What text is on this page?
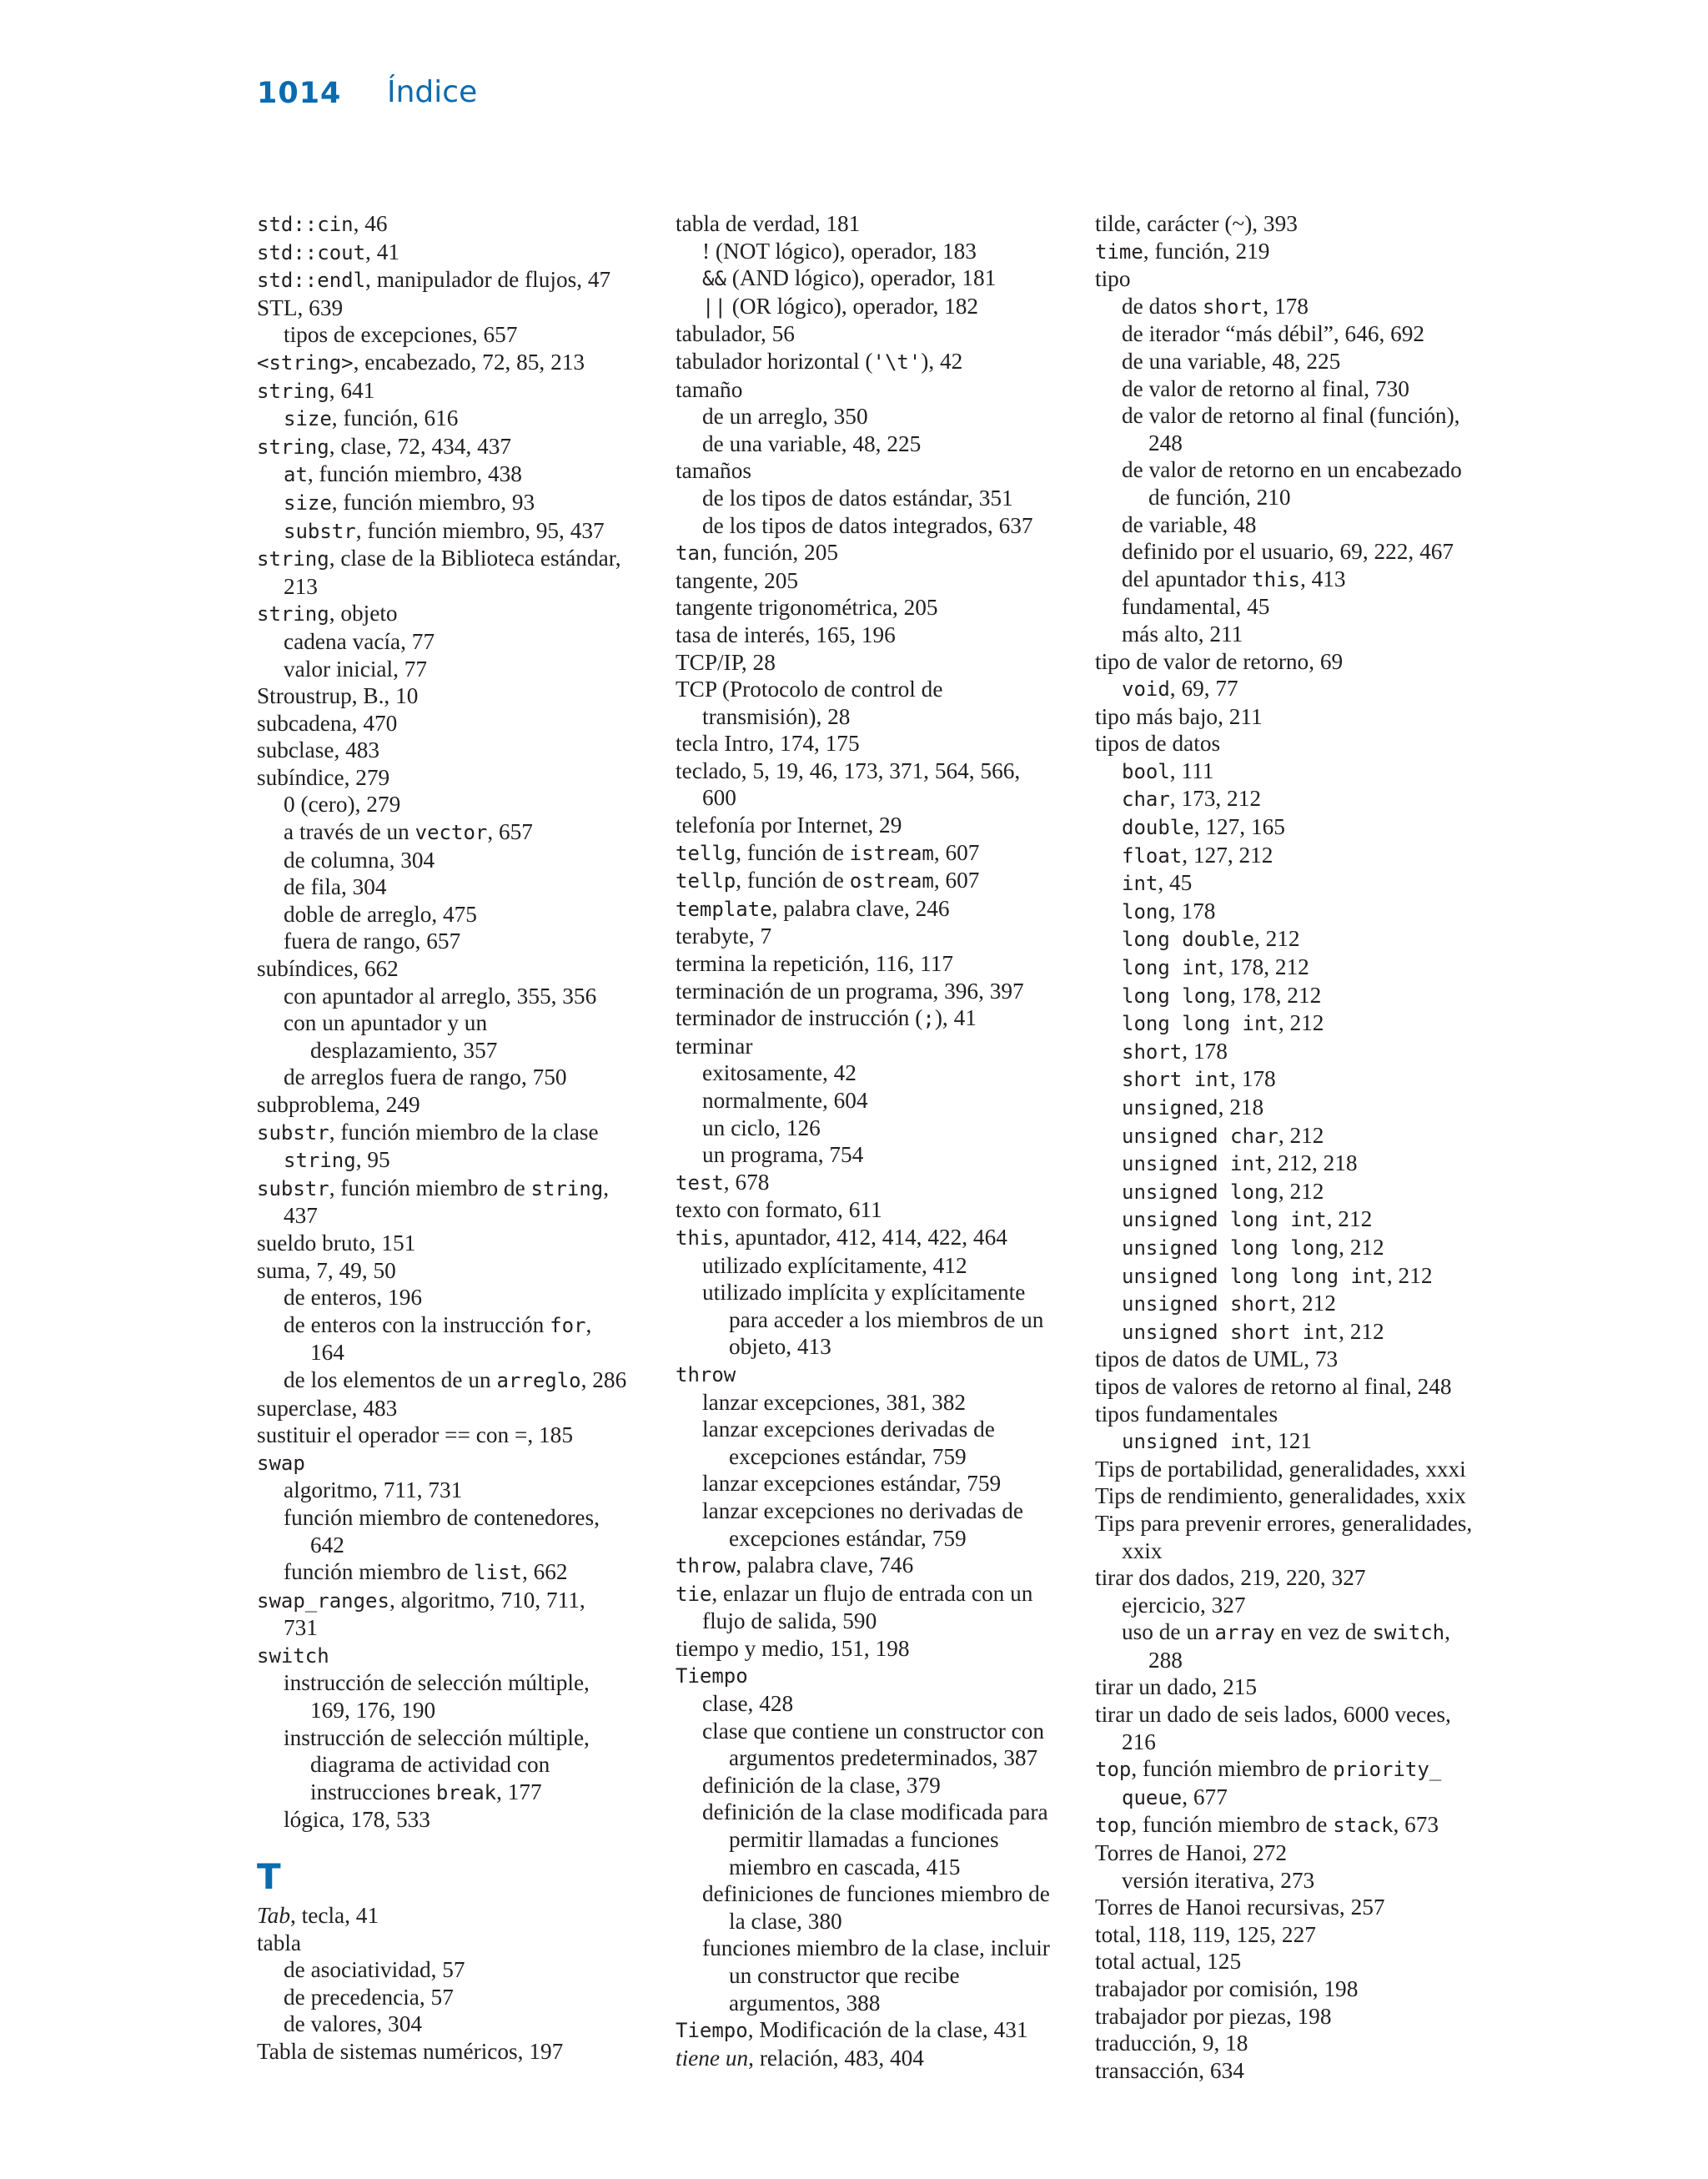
1014 Índice
std::cin, 46
std::cout, 41
std::endl, manipulador de flujos, 47
STL, 639
tipos de excepciones, 657
<string>, encabezado, 72, 85, 213
string, 641
size, función, 616
string, clase, 72, 434, 437
at, función miembro, 438
size, función miembro, 93
substr, función miembro, 95, 437
string, clase de la Biblioteca estándar,
213
string, objeto
cadena vacía, 77
valor inicial, 77
Stroustrup, B., 10
subcadena, 470
subclase, 483
subíndice, 279
0 (cero), 279
a través de un vector, 657
de columna, 304
de fila, 304
doble de arreglo, 475
fuera de rango, 657
subíndices, 662
con apuntador al arreglo, 355, 356
con un apuntador y un
desplazamiento, 357
de arreglos fuera de rango, 750
subproblema, 249
substr, función miembro de la clase
string, 95
substr, función miembro de string,
437
sueldo bruto, 151
suma, 7, 49, 50
de enteros, 196
de enteros con la instrucción for,
164
de los elementos de un arreglo, 286
superclase, 483
sustituir el operador == con =, 185
swap
algoritmo, 711, 731
función miembro de contenedores,
642
función miembro de list, 662
swap_ranges, algoritmo, 710, 711,
731
switch
instrucción de selección múltiple,
169, 176, 190
instrucción de selección múltiple,
diagrama de actividad con
instrucciones break, 177
lógica, 178, 533
T
Tab, tecla, 41
tabla
de asociatividad, 57
de precedencia, 57
de valores, 304
Tabla de sistemas numéricos, 197
tabla de verdad, 181
! (NOT lógico), operador, 183
&& (AND lógico), operador, 181
|| (OR lógico), operador, 182
tabulador, 56
tabulador horizontal ('\t'), 42
tamaño
de un arreglo, 350
de una variable, 48, 225
tamaños
de los tipos de datos estándar, 351
de los tipos de datos integrados, 637
tan, función, 205
tangente, 205
tangente trigonométrica, 205
tasa de interés, 165, 196
TCP/IP, 28
TCP (Protocolo de control de
transmisión), 28
tecla Intro, 174, 175
teclado, 5, 19, 46, 173, 371, 564, 566,
600
telefonía por Internet, 29
tellg, función de istream, 607
tellp, función de ostream, 607
template, palabra clave, 246
terabyte, 7
termina la repetición, 116, 117
terminación de un programa, 396, 397
terminador de instrucción (;), 41
terminar
exitosamente, 42
normalmente, 604
un ciclo, 126
un programa, 754
test, 678
texto con formato, 611
this, apuntador, 412, 414, 422, 464
utilizado explícitamente, 412
utilizado implícita y explícitamente
para acceder a los miembros de un
objeto, 413
throw
lanzar excepciones, 381, 382
lanzar excepciones derivadas de
excepciones estándar, 759
lanzar excepciones estándar, 759
lanzar excepciones no derivadas de
excepciones estándar, 759
throw, palabra clave, 746
tie, enlazar un flujo de entrada con un
flujo de salida, 590
tiempo y medio, 151, 198
Tiempo
clase, 428
clase que contiene un constructor con
argumentos predeterminados, 387
definición de la clase, 379
definición de la clase modificada para
permitir llamadas a funciones
miembro en cascada, 415
definiciones de funciones miembro de
la clase, 380
funciones miembro de la clase, incluir
un constructor que recibe
argumentos, 388
Tiempo, Modificación de la clase, 431
tiene un, relación, 483, 404
tilde, carácter (~), 393
time, función, 219
tipo
de datos short, 178
de iterador “más débil”, 646, 692
de una variable, 48, 225
de valor de retorno al final, 730
de valor de retorno al final (función),
248
de valor de retorno en un encabezado
de función, 210
de variable, 48
definido por el usuario, 69, 222, 467
del apuntador this, 413
fundamental, 45
más alto, 211
tipo de valor de retorno, 69
void, 69, 77
tipo más bajo, 211
tipos de datos
bool, 111
char, 173, 212
double, 127, 165
float, 127, 212
int, 45
long, 178
long double, 212
long int, 178, 212
long long, 178, 212
long long int, 212
short, 178
short int, 178
unsigned, 218
unsigned char, 212
unsigned int, 212, 218
unsigned long, 212
unsigned long int, 212
unsigned long long, 212
unsigned long long int, 212
unsigned short, 212
unsigned short int, 212
tipos de datos de UML, 73
tipos de valores de retorno al final, 248
tipos fundamentales
unsigned int, 121
Tips de portabilidad, generalidades, xxxi
Tips de rendimiento, generalidades, xxix
Tips para prevenir errores, generalidades,
xxix
tirar dos dados, 219, 220, 327
ejercicio, 327
uso de un array en vez de switch,
288
tirar un dado, 215
tirar un dado de seis lados, 6000 veces,
216
top, función miembro de priority_
queue, 677
top, función miembro de stack, 673
Torres de Hanoi, 272
versión iterativa, 273
Torres de Hanoi recursivas, 257
total, 118, 119, 125, 227
total actual, 125
trabajador por comisión, 198
trabajador por piezas, 198
traducción, 9, 18
transacción, 634
